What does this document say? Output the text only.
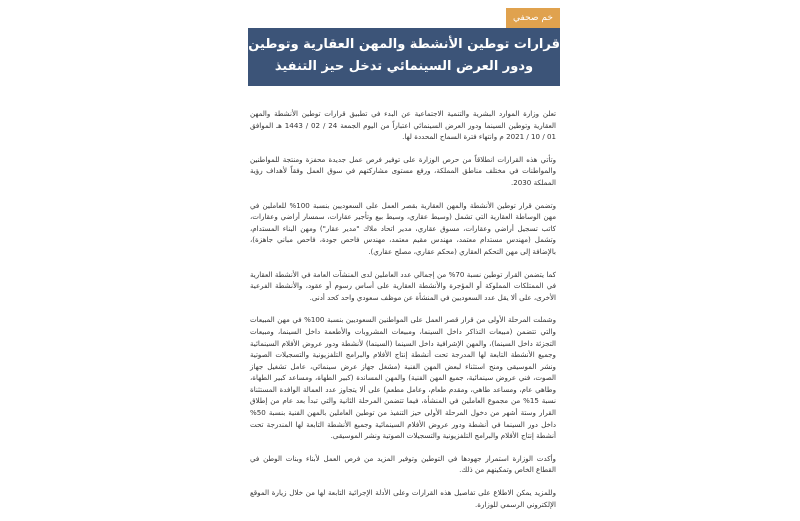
خم صحفي
قرارات توطين الأنشطة والمهن العقارية وتوطين السينما
ودور العرض السينمائي تدخل حيز التنفيذ

تعلن وزارة الموارد البشرية والتنمية الاجتماعية عن البدء في تطبيق قرارات توطين الأنشطة والمهن العقارية وتوطين السينما ودور العرض السينمائي اعتباراً من اليوم الجمعة 24 / 02 / 1443 هـ الموافق 01 / 10 / 2021 م وانتهاء فترة السماح المحددة لها.

وتأتي هذه القرارات انطلاقاً من حرص الوزارة على توفير فرص عمل جديدة محفزة ومنتجة للمواطنين والمواطنات في مختلف مناطق المملكة، ورفع مستوى مشاركتهم في سوق العمل وفقاً لأهداف رؤية المملكة 2030.

وتضمن قرار توطين الأنشطة والمهن العقارية بقصر العمل على السعوديين بنسبة 100% للعاملين في مهن الوساطة العقارية التي تشمل (وسيط عقاري، وسيط بيع وتأجير عقارات، سمسار أراضي وعقارات، كاتب تسجيل أراضي وعقارات، مسوق عقاري، مدير اتحاد ملاك "مدير عقار") ومهن البناء المستدام، وتشمل (مهندس مستدام معتمد، مهندس مقيم معتمد، مهندس فاحص جودة، فاحص مباني جاهزة)، بالإضافة إلى مهن التحكم العقاري (محكم عقاري، مصلح عقاري).

كما يتضمن القرار توطين نسبة 70% من إجمالي عدد العاملين لدى المنشآت العامة في الأنشطة العقارية في الممتلكات المملوكة أو المؤجرة والأنشطة العقارية على أساس رسوم أو عقود، والأنشطة الفرعية الأخرى، على ألا يقل عدد السعوديين في المنشأة عن موظف سعودي واحد كحد أدنى.

وشملت المرحلة الأولى من قرار قصر العمل على المواطنين السعوديين بنسبة 100% في مهن المبيعات والتي تتضمن (مبيعات التذاكر داخل السينما، ومبيعات المشروبات والأطعمة داخل السينما، ومبيعات التجزئة داخل السينما)، والمهن الإشرافية داخل السينما (السينما) لأنشطة ودور عروض الأفلام السينمائية وجميع الأنشطة التابعة لها المدرجة تحت أنشطة إنتاج الأفلام والبرامج التلفزيونية والتسجيلات الصوتية ونشر الموسيقى ومنح استثناء لبعض المهن الفنية (مشغل جهاز عرض سينمائي، عامل تشغيل جهاز الصوت، فني عروض سينمائية، جميع المهن الفنية) والمهن المساندة (كبير الطهاة، ومساعد كبير الطهاة، وطاهي عام، ومساعد طاهي، ومقدم طعام، وعامل مطعم) على ألا يتجاوز عدد العمالة الوافدة المستثناة نسبة 15% من مجموع العاملين في المنشأة، فيما تتضمن المرحلة الثانية والتي تبدأ بعد عام من إطلاق القرار وستة أشهر من دخول المرحلة الأولى حيز التنفيذ من توطين العاملين بالمهن الفنية بنسبة 50% داخل دور السينما في أنشطة ودور عروض الأفلام السينمائية وجميع الأنشطة التابعة لها المندرجة تحت أنشطة إنتاج الأفلام والبرامج التلفزيونية والتسجيلات الصوتية ونشر الموسيقى.

وأكدت الوزارة استمرار جهودها في التوطين وتوفير المزيد من فرص العمل لأبناء وبنات الوطن في القطاع الخاص وتمكينهم من ذلك.

وللمزيد يمكن الاطلاع على تفاصيل هذه القرارات وعلى الأدلة الإجرائية التابعة لها من خلال زيارة الموقع الإلكتروني الرسمي للوزارة.
